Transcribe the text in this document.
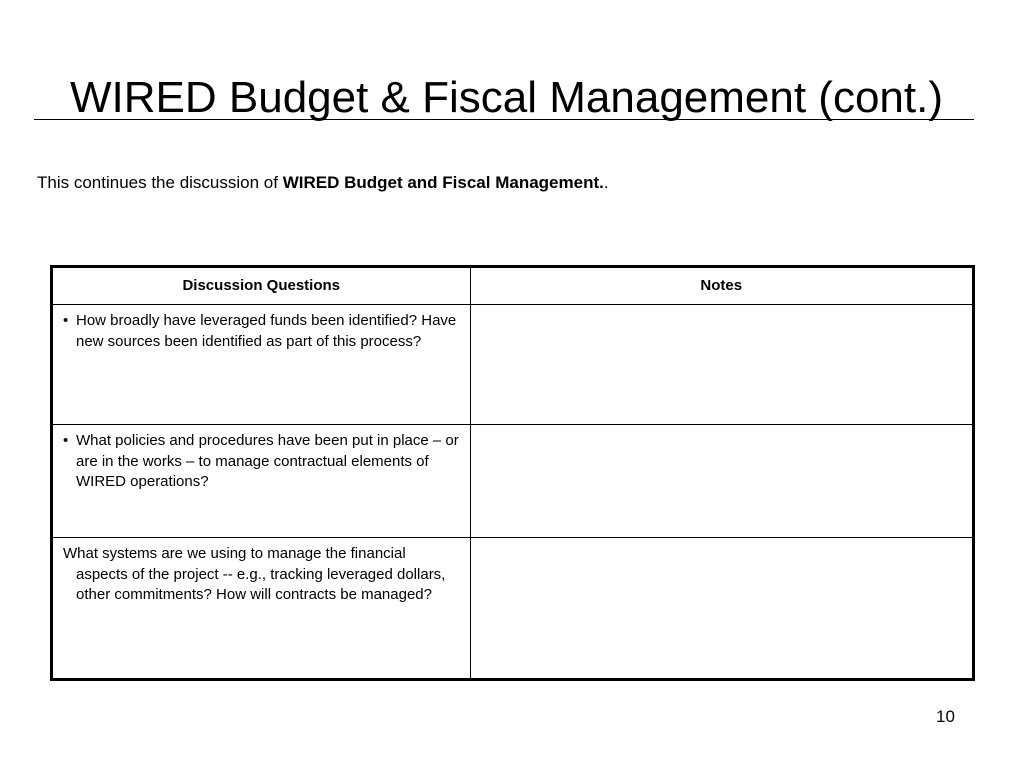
WIRED Budget & Fiscal Management (cont.)
This continues the discussion of WIRED Budget and Fiscal Management..
Discussion Questions	Notes

• How broadly have leveraged funds been identified? Have new sources been identified as part of this process?	

• What policies and procedures have been put in place – or are in the works – to manage contractual elements of WIRED operations?	

What systems are we using to manage the financial aspects of the project -- e.g., tracking leveraged dollars, other commitments? How will contracts be managed?	

10
